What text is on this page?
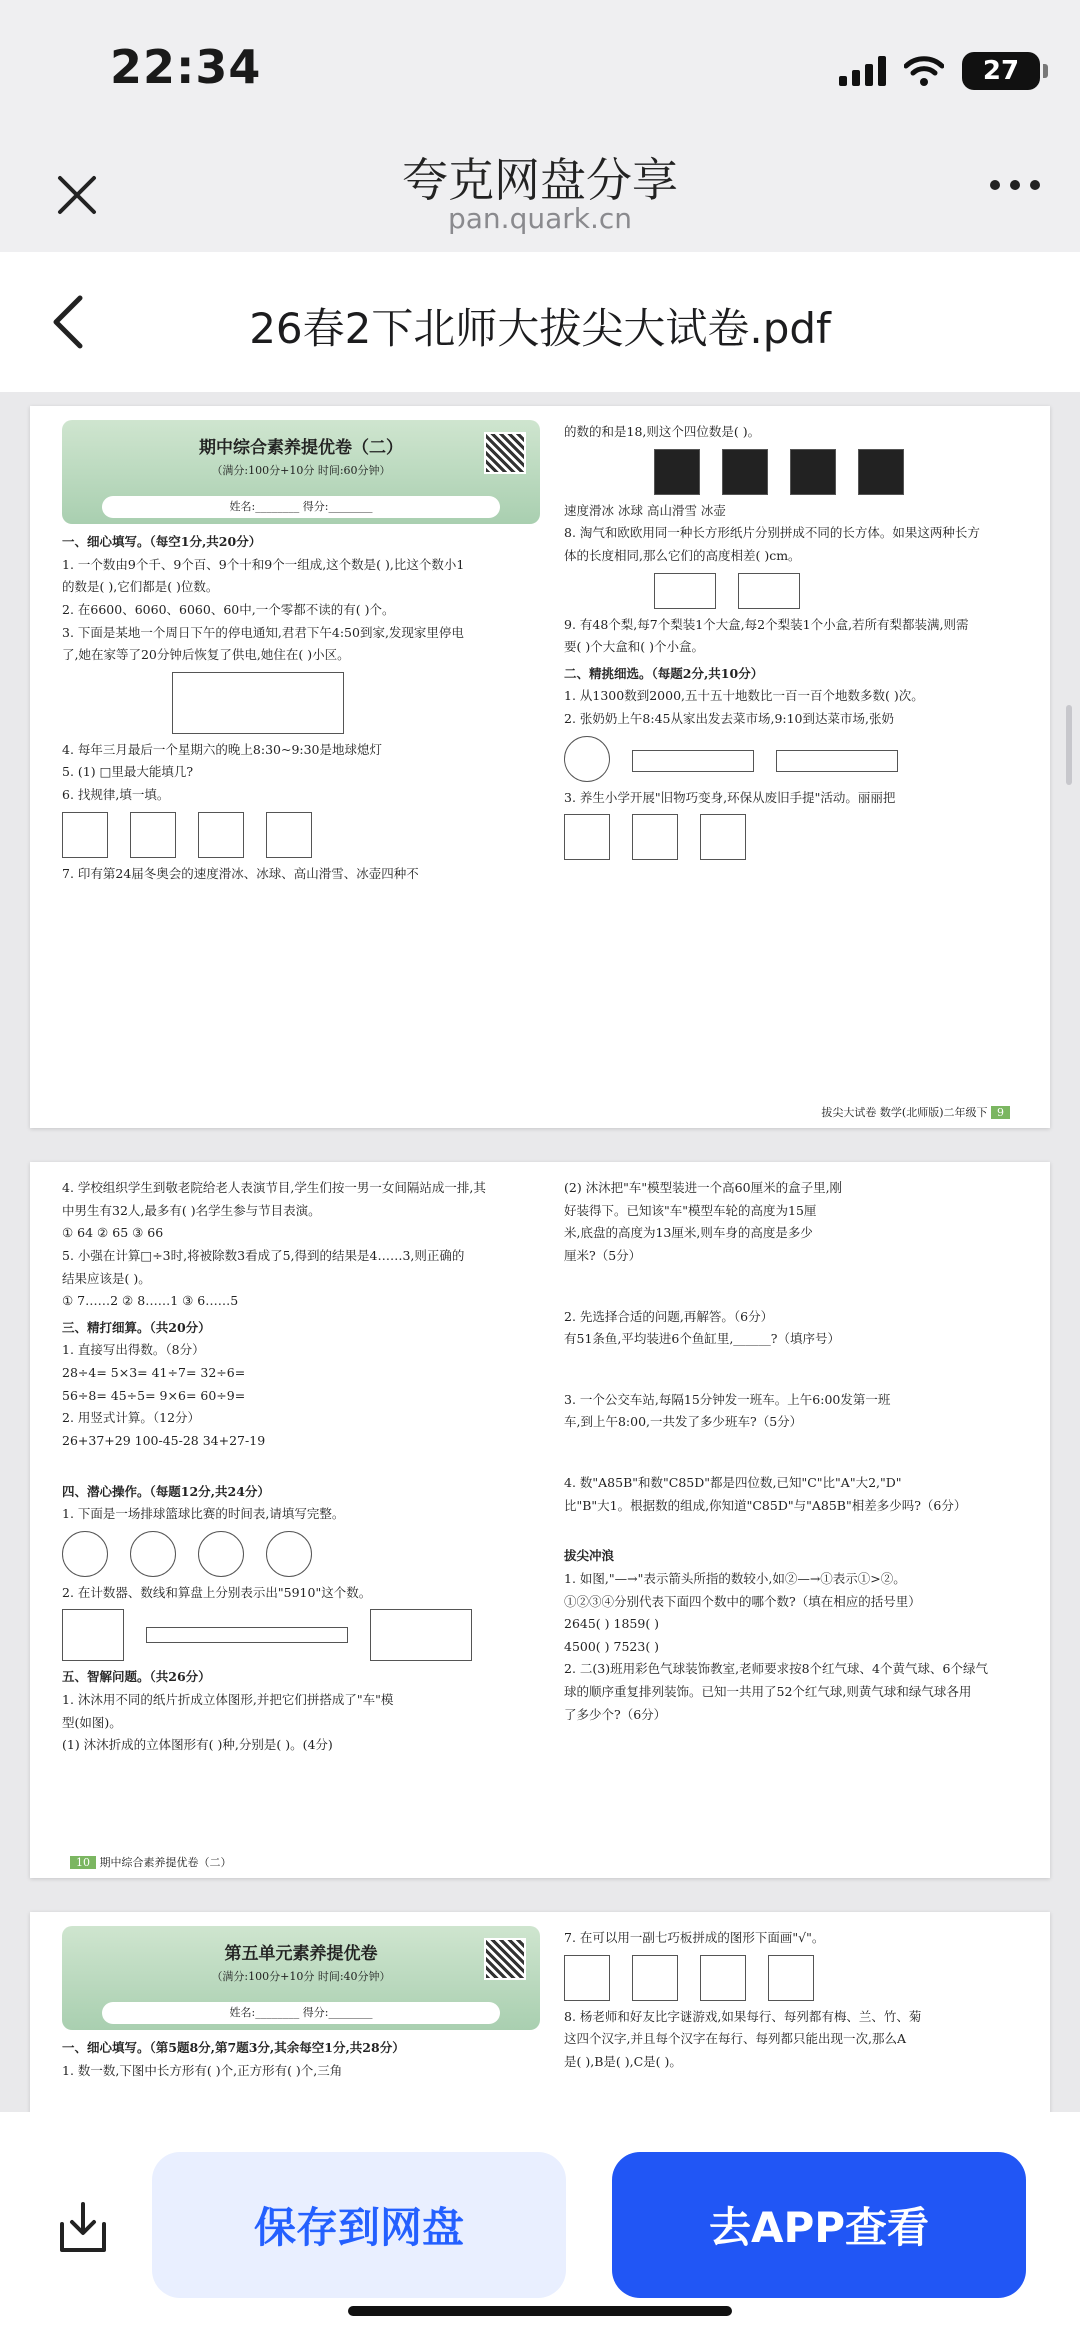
22:34	27
夸克网盘分享
pan.quark.cn
26春2下北师大拔尖大试卷.pdf
期中综合素养提优卷（二）
（满分:100分+10分 时间:60分钟）
姓名:________ 得分:________

一、细心填写。（每空1分,共20分）

1. 一个数由9个千、9个百、9个十和9个一组成,这个数是( ),比这个数小1

的数是( ),它们都是( )位数。

2. 在6600、6060、6060、60中,一个零都不读的有( )个。

3. 下面是某地一个周日下午的停电通知,君君下午4:50到家,发现家里停电

了,她在家等了20分钟后恢复了供电,她住在( )小区。

4. 每年三月最后一个星期六的晚上8:30~9:30是地球熄灯

5. (1) □里最大能填几?

6. 找规律,填一填。

7. 印有第24届冬奥会的速度滑冰、冰球、高山滑雪、冰壶四种不

的数的和是18,则这个四位数是( )。

速度滑冰 冰球 高山滑雪 冰壶

8. 淘气和欧欧用同一种长方形纸片分别拼成不同的长方体。如果这两种长方

体的长度相同,那么它们的高度相差( )cm。

9. 有48个梨,每7个梨装1个大盒,每2个梨装1个小盒,若所有梨都装满,则需

要( )个大盒和( )个小盒。

二、精挑细选。（每题2分,共10分）

1. 从1300数到2000,五十五十地数比一百一百个地数多数( )次。

2. 张奶奶上午8:45从家出发去菜市场,9:10到达菜市场,张奶

3. 养生小学开展"旧物巧变身,环保从废旧手提"活动。丽丽把

拔尖大试卷 数学(北师版)二年级下 9

4. 学校组织学生到敬老院给老人表演节目,学生们按一男一女间隔站成一排,其

中男生有32人,最多有( )名学生参与节目表演。

① 64 ② 65 ③ 66

5. 小强在计算□÷3时,将被除数3看成了5,得到的结果是4……3,则正确的

结果应该是( )。

① 7……2 ② 8……1 ③ 6……5

三、精打细算。（共20分）

1. 直接写出得数。（8分）

28÷4= 5×3= 41÷7= 32÷6=

56÷8= 45÷5= 9×6= 60÷9=

2. 用竖式计算。（12分）

26+37+29 100-45-28 34+27-19

四、潜心操作。（每题12分,共24分）

1. 下面是一场排球篮球比赛的时间表,请填写完整。

2. 在计数器、数线和算盘上分别表示出"5910"这个数。

五、智解问题。（共26分）

1. 沐沐用不同的纸片折成立体图形,并把它们拼搭成了"车"模

型(如图)。

(1) 沐沐折成的立体图形有( )种,分别是( )。(4分)

(2) 沐沐把"车"模型装进一个高60厘米的盒子里,刚

好装得下。已知该"车"模型车轮的高度为15厘

米,底盘的高度为13厘米,则车身的高度是多少

厘米?（5分）

2. 先选择合适的问题,再解答。（6分）

有51条鱼,平均装进6个鱼缸里,______?（填序号）

3. 一个公交车站,每隔15分钟发一班车。上午6:00发第一班

车,到上午8:00,一共发了多少班车?（5分）

4. 数"A85B"和数"C85D"都是四位数,已知"C"比"A"大2,"D"

比"B"大1。根据数的组成,你知道"C85D"与"A85B"相差多少吗?（6分）

拔尖冲浪

1. 如图,"—→"表示箭头所指的数较小,如②—→①表示①>②。

①②③④分别代表下面四个数中的哪个数?（填在相应的括号里）

2645( ) 1859( )

4500( ) 7523( )

2. 二(3)班用彩色气球装饰教室,老师要求按8个红气球、4个黄气球、6个绿气

球的顺序重复排列装饰。已知一共用了52个红气球,则黄气球和绿气球各用

了多少个?（6分）

10 期中综合素养提优卷（二）
第五单元素养提优卷
（满分:100分+10分 时间:40分钟）
姓名:________ 得分:________

一、细心填写。（第5题8分,第7题3分,其余每空1分,共28分）

1. 数一数,下图中长方形有( )个,正方形有( )个,三角

7. 在可以用一副七巧板拼成的图形下面画"√"。

8. 杨老师和好友比字谜游戏,如果每行、每列都有梅、兰、竹、菊

这四个汉字,并且每个汉字在每行、每列都只能出现一次,那么A

是( ),B是( ),C是( )。

保存到网盘	去APP查看
